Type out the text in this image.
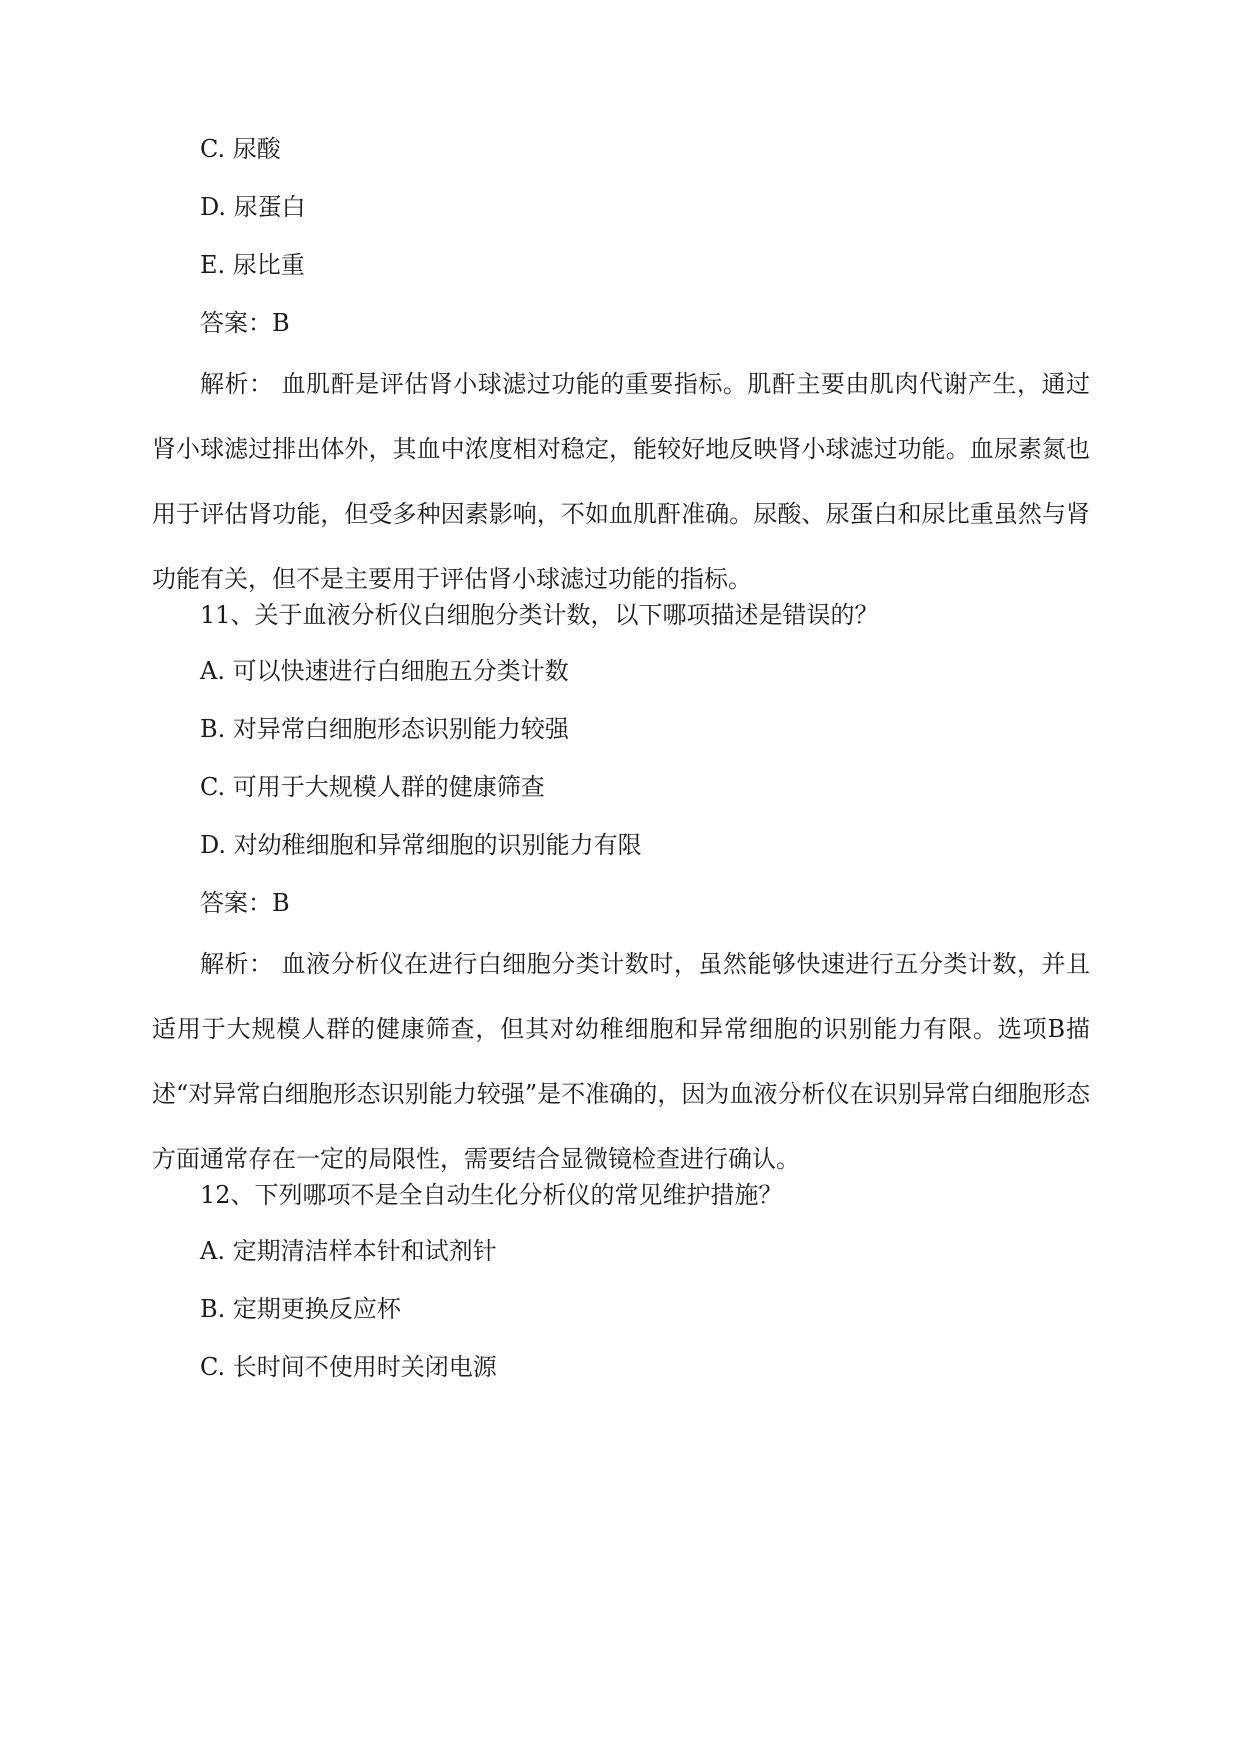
C. 尿酸
D. 尿蛋白
E. 尿比重
答案：B
解析： 血肌酐是评估肾小球滤过功能的重要指标。肌酐主要由肌肉代谢产生，通过肾小球滤过排出体外，其血中浓度相对稳定，能较好地反映肾小球滤过功能。血尿素氮也用于评估肾功能，但受多种因素影响，不如血肌酐准确。尿酸、尿蛋白和尿比重虽然与肾功能有关，但不是主要用于评估肾小球滤过功能的指标。
11、关于血液分析仪白细胞分类计数，以下哪项描述是错误的？
A. 可以快速进行白细胞五分类计数
B. 对异常白细胞形态识别能力较强
C. 可用于大规模人群的健康筛查
D. 对幼稚细胞和异常细胞的识别能力有限
答案：B
解析： 血液分析仪在进行白细胞分类计数时，虽然能够快速进行五分类计数，并且适用于大规模人群的健康筛查，但其对幼稚细胞和异常细胞的识别能力有限。选项B描述“对异常白细胞形态识别能力较强”是不准确的，因为血液分析仪在识别异常白细胞形态方面通常存在一定的局限性，需要结合显微镜检查进行确认。
12、下列哪项不是全自动生化分析仪的常见维护措施？
A. 定期清洁样本针和试剂针
B. 定期更换反应杯
C. 长时间不使用时关闭电源
